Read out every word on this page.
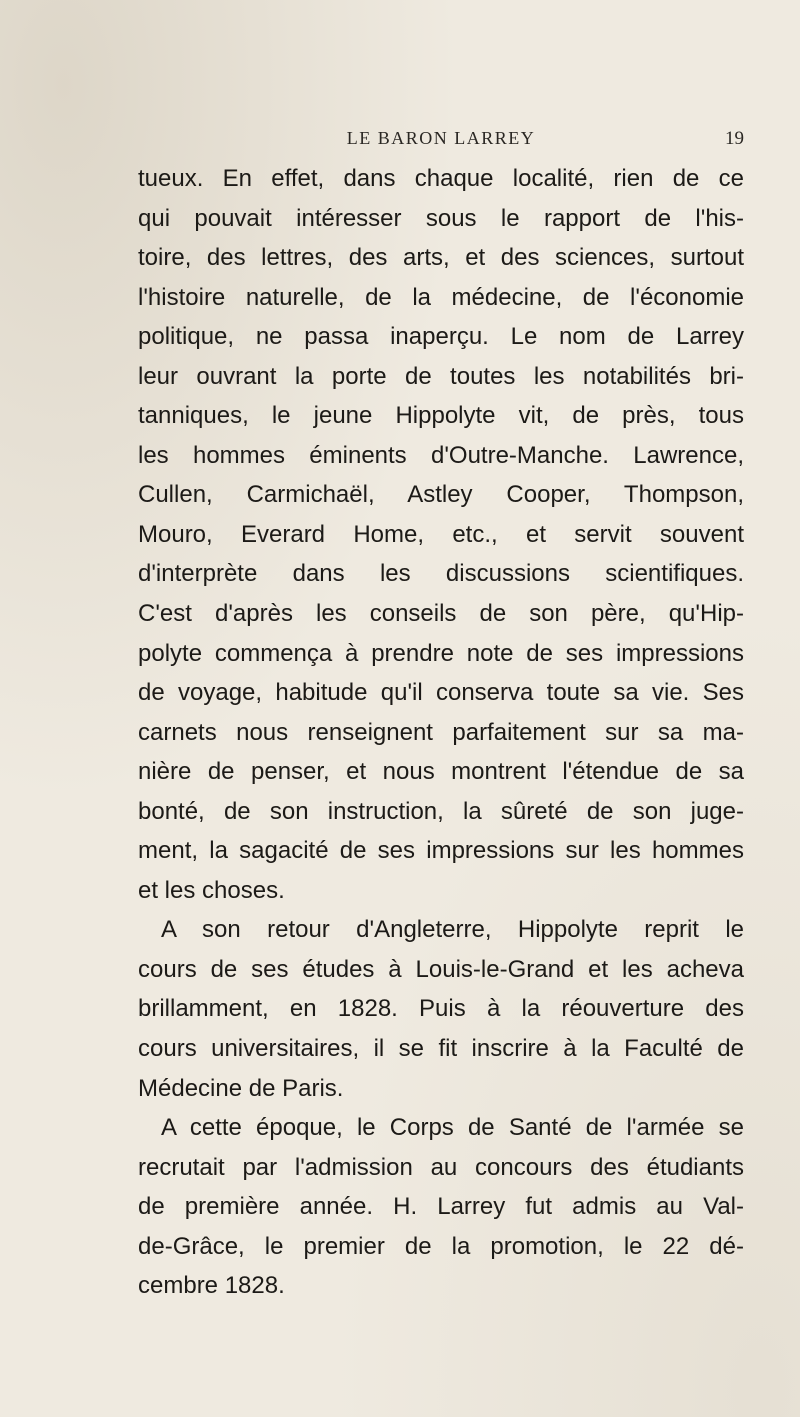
LE BARON LARREY	19
tueux. En effet, dans chaque localité, rien de ce
qui pouvait intéresser sous le rapport de l'his-
toire, des lettres, des arts, et des sciences, surtout
l'histoire naturelle, de la médecine, de l'économie
politique, ne passa inaperçu. Le nom de Larrey
leur ouvrant la porte de toutes les notabilités bri-
tanniques, le jeune Hippolyte vit, de près, tous
les hommes éminents d'Outre-Manche. Lawrence,
Cullen, Carmichaël, Astley Cooper, Thompson,
Mouro, Everard Home, etc., et servit souvent
d'interprète dans les discussions scientifiques.
C'est d'après les conseils de son père, qu'Hip-
polyte commença à prendre note de ses impressions
de voyage, habitude qu'il conserva toute sa vie. Ses
carnets nous renseignent parfaitement sur sa ma-
nière de penser, et nous montrent l'étendue de sa
bonté, de son instruction, la sûreté de son juge-
ment, la sagacité de ses impressions sur les hommes
et les choses.
A son retour d'Angleterre, Hippolyte reprit le
cours de ses études à Louis-le-Grand et les acheva
brillamment, en 1828. Puis à la réouverture des
cours universitaires, il se fit inscrire à la Faculté de
Médecine de Paris.
A cette époque, le Corps de Santé de l'armée se
recrutait par l'admission au concours des étudiants
de première année. H. Larrey fut admis au Val-
de-Grâce, le premier de la promotion, le 22 dé-
cembre 1828.
